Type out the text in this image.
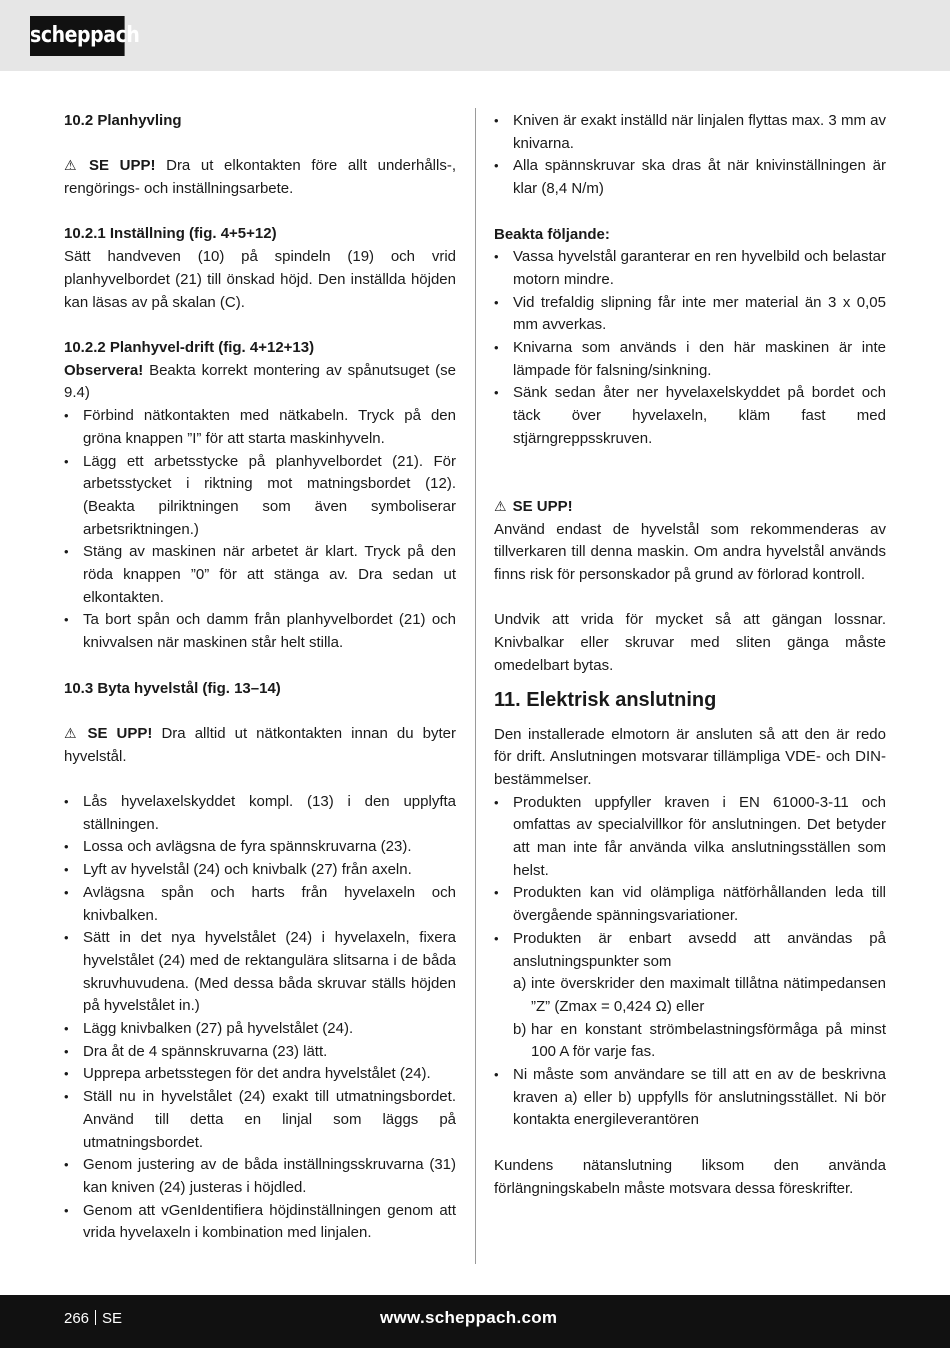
scheppach

10.2 Planhyvling

⚠ SE UPP! Dra ut elkontakten före allt underhålls-, rengörings- och inställningsarbete.

10.2.1 Inställning (fig. 4+5+12)

Sätt handveven (10) på spindeln (19) och vrid planhyvelbordet (21) till önskad höjd. Den inställda höjden kan läsas av på skalan (C).

10.2.2 Planhyvel-drift (fig. 4+12+13)

Observera! Beakta korrekt montering av spånutsuget (se 9.4)

• Förbind nätkontakten med nätkabeln. Tryck på den gröna knappen ”I” för att starta maskinhyveln.
• Lägg ett arbetsstycke på planhyvelbordet (21). För arbetsstycket i riktning mot matningsbordet (12). (Beakta pilriktningen som även symboliserar arbetsriktningen.)
• Stäng av maskinen när arbetet är klart. Tryck på den röda knappen ”0” för att stänga av. Dra sedan ut elkontakten.
• Ta bort spån och damm från planhyvelbordet (21) och knivvalsen när maskinen står helt stilla.

10.3 Byta hyvelstål (fig. 13–14)

⚠ SE UPP! Dra alltid ut nätkontakten innan du byter hyvelstål.

• Lås hyvelaxelskyddet kompl. (13) i den upplyfta ställningen.
• Lossa och avlägsna de fyra spännskruvarna (23).
• Lyft av hyvelstål (24) och knivbalk (27) från axeln.
• Avlägsna spån och harts från hyvelaxeln och knivbalken.
• Sätt in det nya hyvelstålet (24) i hyvelaxeln, fixera hyvelstålet (24) med de rektangulära slitsarna i de båda skruvhuvudena. (Med dessa båda skruvar ställs höjden på hyvelstålet in.)
• Lägg knivbalken (27) på hyvelstålet (24).
• Dra åt de 4 spännskruvarna (23) lätt.
• Upprepa arbetsstegen för det andra hyvelstålet (24).
• Ställ nu in hyvelstålet (24) exakt till utmatningsbordet. Använd till detta en linjal som läggs på utmatningsbordet.
• Genom justering av de båda inställningsskruvarna (31) kan kniven (24) justeras i höjdled.
• Genom att vGenIdentifiera höjdinställningen genom att vrida hyvelaxeln i kombination med linjalen.
• Kniven är exakt inställd när linjalen flyttas max. 3 mm av knivarna.
• Alla spännskruvar ska dras åt när knivinställningen är klar (8,4 N/m)

Beakta följande:

• Vassa hyvelstål garanterar en ren hyvelbild och belastar motorn mindre.
• Vid trefaldig slipning får inte mer material än 3 x 0,05 mm avverkas.
• Knivarna som används i den här maskinen är inte lämpade för falsning/sinkning.
• Sänk sedan åter ner hyvelaxelskyddet på bordet och täck över hyvelaxeln, kläm fast med stjärngreppsskruven.

⚠ SE UPP!

Använd endast de hyvelstål som rekommenderas av tillverkaren till denna maskin. Om andra hyvelstål används finns risk för personskador på grund av förlorad kontroll.

Undvik att vrida för mycket så att gängan lossnar. Knivbalkar eller skruvar med sliten gänga måste omedelbart bytas.

11. Elektrisk anslutning

Den installerade elmotorn är ansluten så att den är redo för drift. Anslutningen motsvarar tillämpliga VDE- och DIN-bestämmelser.

• Produkten uppfyller kraven i EN 61000-3-11 och omfattas av specialvillkor för anslutningen. Det betyder att man inte får använda vilka anslutningsställen som helst.
• Produkten kan vid olämpliga nätförhållanden leda till övergående spänningsvariationer.
• Produkten är enbart avsedd att användas på anslutningspunkter som
a) inte överskrider den maximalt tillåtna nätimpedansen ”Z” (Zmax = 0,424 Ω) eller
b) har en konstant strömbelastningsförmåga på minst 100 A för varje fas.
• Ni måste som användare se till att en av de beskrivna kraven a) eller b) uppfylls för anslutningsstället. Ni bör kontakta energileverantören

Kundens nätanslutning liksom den använda förlängningskabeln måste motsvara dessa föreskrifter.

266 SE	www.scheppach.com
